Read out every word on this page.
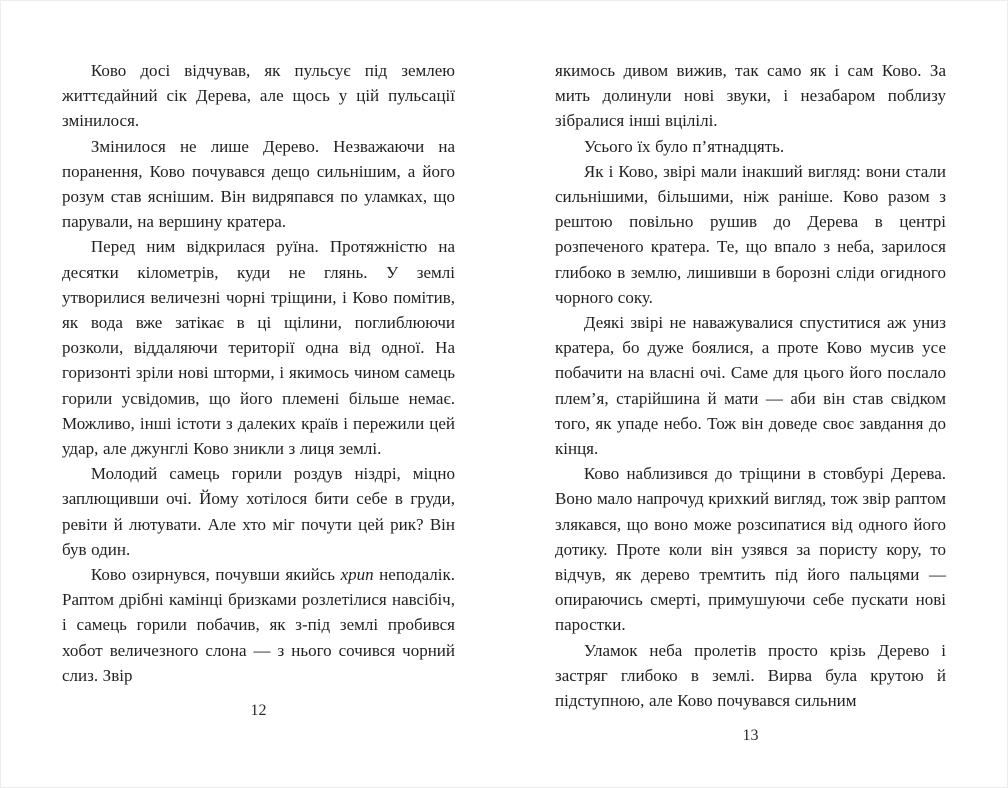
Ково досі відчував, як пульсує під землею життєдайний сік Дерева, але щось у цій пульсації змінилося.

Змінилося не лише Дерево. Незважаючи на поранення, Ково почувався дещо сильнішим, а його розум став яснішим. Він видряпався по уламках, що парували, на вершину кратера.

Перед ним відкрилася руїна. Протяжністю на десятки кілометрів, куди не глянь. У землі утворилися величезні чорні тріщини, і Ково помітив, як вода вже затікає в ці щілини, поглиблюючи розколи, віддаляючи території одна від одної. На горизонті зріли нові шторми, і якимось чином самець горили усвідомив, що його племені більше немає. Можливо, інші істоти з далеких країв і пережили цей удар, але джунглі Ково зникли з лиця землі.

Молодий самець горили роздув ніздрі, міцно заплющивши очі. Йому хотілося бити себе в груди, ревіти й лютувати. Але хто міг почути цей рик? Він був один.

Ково озирнувся, почувши якийсь хрип неподалік. Раптом дрібні камінці бризками розлетілися навсібіч, і самець горили побачив, як з-під землі пробився хобот величезного слона — з нього сочився чорний слиз. Звір

12

якимось дивом вижив, так само як і сам Ково. За мить долинули нові звуки, і незабаром поблизу зібралися інші вцілілі.

Усього їх було п’ятнадцять.

Як і Ково, звірі мали інакший вигляд: вони стали сильнішими, більшими, ніж раніше. Ково разом з рештою повільно рушив до Дерева в центрі розпеченого кратера. Те, що впало з неба, зарилося глибоко в землю, лишивши в борозні сліди огидного чорного соку.

Деякі звірі не наважувалися спуститися аж униз кратера, бо дуже боялися, а проте Ково мусив усе побачити на власні очі. Саме для цього його послало плем’я, старійшина й мати — аби він став свідком того, як упаде небо. Тож він доведе своє завдання до кінця.

Ково наблизився до тріщини в стовбурі Дерева. Воно мало напрочуд крихкий вигляд, тож звір раптом злякався, що воно може розсипатися від одного його дотику. Проте коли він узявся за пористу кору, то відчув, як дерево тремтить під його пальцями — опираючись смерті, примушуючи себе пускати нові паростки.

Уламок неба пролетів просто крізь Дерево і застряг глибоко в землі. Вирва була крутою й підступною, але Ково почувався сильним

13
